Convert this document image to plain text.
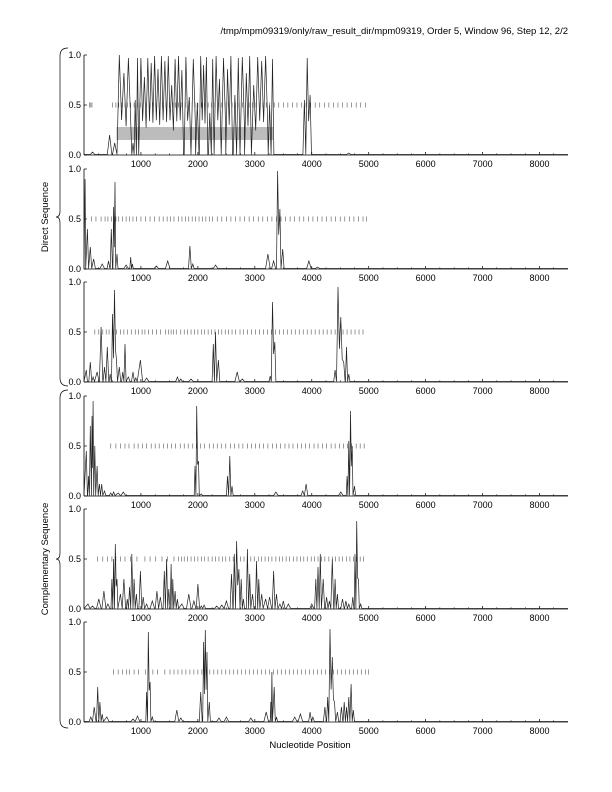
/tmp/mpm09319/only/raw_result_dir/mpm09319, Order 5, Window 96, Step 12, 2/2
0.0
0.5
1.0
1000	2000	3000	4000	5000	6000	7000	8000
0.0
0.5
1.0
1000	2000	3000	4000	5000	6000	7000	8000
0.0
0.5
1.0
1000	2000	3000	4000	5000	6000	7000	8000
0.0
0.5
1.0
1000	2000	3000	4000	5000	6000	7000	8000
0.0
0.5
1.0
1000	2000	3000	4000	5000	6000	7000	8000
0.0
0.5
1.0
1000	2000	3000	4000	5000	6000	7000	8000
Direct Sequence
Complementary Sequence
Nucleotide Position
